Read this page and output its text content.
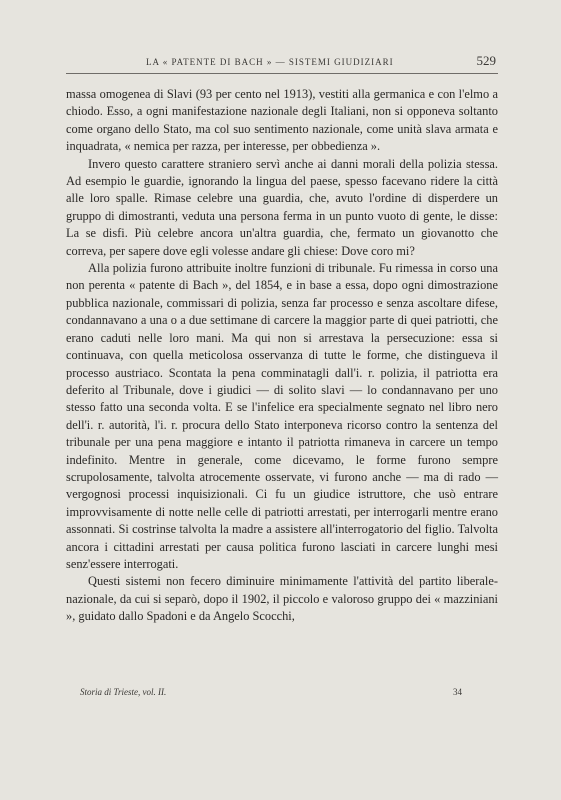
LA « PATENTE DI BACH » — SISTEMI GIUDIZIARI	529

massa omogenea di Slavi (93 per cento nel 1913), vestiti alla germanica e con l'elmo a chiodo. Esso, a ogni manifestazione nazionale degli Italiani, non si opponeva soltanto come organo dello Stato, ma col suo sentimento nazionale, come unità slava armata e inquadrata, « nemica per razza, per interesse, per obbedienza ».

Invero questo carattere straniero servì anche ai danni morali della polizia stessa. Ad esempio le guardie, ignorando la lingua del paese, spesso facevano ridere la città alle loro spalle. Rimase celebre una guardia, che, avuto l'ordine di disperdere un gruppo di dimostranti, veduta una persona ferma in un punto vuoto di gente, le disse: La se disfi. Più celebre ancora un'altra guardia, che, fermato un giovanotto che correva, per sapere dove egli volesse andare gli chiese: Dove coro mi?

Alla polizia furono attribuite inoltre funzioni di tribunale. Fu rimessa in corso una non perenta « patente di Bach », del 1854, e in base a essa, dopo ogni dimostrazione pubblica nazionale, commissari di polizia, senza far processo e senza ascoltare difese, condannavano a una o a due settimane di carcere la maggior parte di quei patriotti, che erano caduti nelle loro mani. Ma qui non si arrestava la persecuzione: essa si continuava, con quella meticolosa osservanza di tutte le forme, che distingueva il processo austriaco. Scontata la pena comminatagli dall'i. r. polizia, il patriotta era deferito al Tribunale, dove i giudici — di solito slavi — lo condannavano per uno stesso fatto una seconda volta. E se l'infelice era specialmente segnato nel libro nero dell'i. r. autorità, l'i. r. procura dello Stato interponeva ricorso contro la sentenza del tribunale per una pena maggiore e intanto il patriotta rimaneva in carcere un tempo indefinito. Mentre in generale, come dicevamo, le forme furono sempre scrupolosamente, talvolta atrocemente osservate, vi furono anche — ma di rado — vergognosi processi inquisizionali. Ci fu un giudice istruttore, che usò entrare improvvisamente di notte nelle celle di patriotti arrestati, per interrogarli mentre erano assonnati. Si costrinse talvolta la madre a assistere all'interrogatorio del figlio. Talvolta ancora i cittadini arrestati per causa politica furono lasciati in carcere lunghi mesi senz'essere interrogati.

Questi sistemi non fecero diminuire minimamente l'attività del partito liberale-nazionale, da cui si separò, dopo il 1902, il piccolo e valoroso gruppo dei « mazziniani », guidato dallo Spadoni e da Angelo Scocchi,

Storia di Trieste, vol. II.	34
